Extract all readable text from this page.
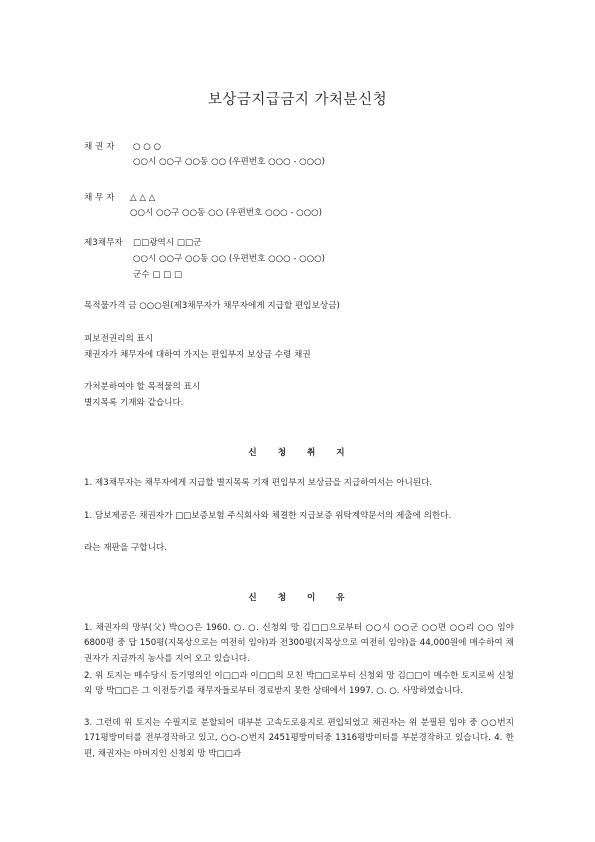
보상금지급금지 가처분신청
채 권 자 ○ ○ ○
○○시 ○○구 ○○동 ○○ (우편번호 ○○○ - ○○○)
채 무 자 △ △ △
○○시 ○○구 ○○동 ○○ (우편번호 ○○○ - ○○○)
제3채무자 □□광역시 □□군
○○시 ○○구 ○○동 ○○ (우편번호 ○○○ - ○○○)
군수 □ □ □
목적물가격 금 ○○○원(제3채무자가 채무자에게 지급할 편입보상금)
피보전권리의 표시
채권자가 채무자에 대하여 가지는 편입부지 보상금 수령 채권
가처분하여야 할 목적물의 표시
별지목록 기재와 같습니다.
신 청 취 지
1. 제3채무자는 채무자에게 지급할 별지목록 기재 편입부지 보상금을 지급하여서는 아니된다.
1. 담보제공은 채권자가 □□보증보험 주식회사와 체결한 지급보증 위탁계약문서의 제출에 의한다.
라는 재판을 구합니다.
신 청 이 유
1. 채권자의 망부(父) 박○○은 1960. ○. ○. 신청외 망 김□□으로부터 ○○시 ○○군 ○○면 ○○리 ○○ 임야 6800평 중 답 150평(지목상으로는 여전히 임야)과 전300평(지목상으로 여전히 임야)을 44,000원에 매수하여 채권자가 지금까지 농사를 지어 오고 있습니다.
2. 위 토지는 매수당시 등기명의인 이□□과 이□□의 모친 박□□로부터 신청외 망 김□□이 매수한 토지로써 신청외 망 박□□은 그 이전등기를 채무자들로부터 경료받지 못한 상태에서 1997. ○. ○. 사망하였습니다.
3. 그런데 위 토지는 수필지로 분할되어 대부분 고속도로용지로 편입되었고 채권자는 위 분필된 임야 중 ○○번지 171평방미터를 전부경작하고 있고, ○○-○번지 2451평방미터중 1316평방미터를 부분경작하고 있습니다. 4. 한편, 채권자는 아버지인 신청외 망 박□□과
